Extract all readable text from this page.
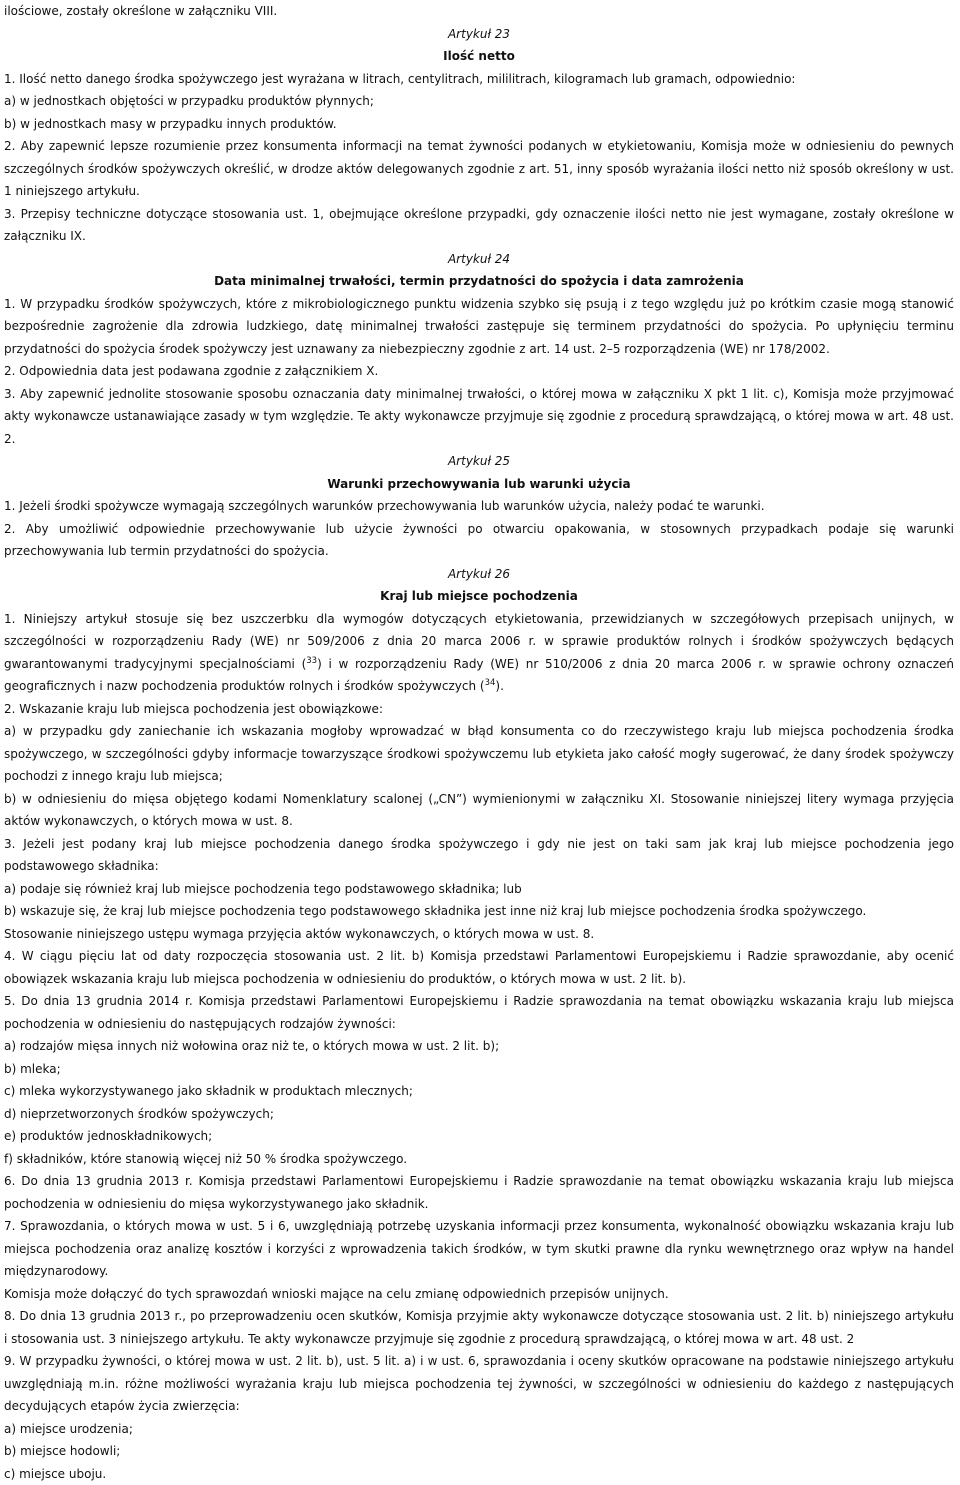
ilościowe, zostały określone w załączniku VIII.
Artykuł 23
Ilość netto
1. Ilość netto danego środka spożywczego jest wyrażana w litrach, centylitrach, mililitrach, kilogramach lub gramach, odpowiednio:
a) w jednostkach objętości w przypadku produktów płynnych;
b) w jednostkach masy w przypadku innych produktów.
2. Aby zapewnić lepsze rozumienie przez konsumenta informacji na temat żywności podanych w etykietowaniu, Komisja może w odniesieniu do pewnych szczególnych środków spożywczych określić, w drodze aktów delegowanych zgodnie z art. 51, inny sposób wyrażania ilości netto niż sposób określony w ust. 1 niniejszego artykułu.
3. Przepisy techniczne dotyczące stosowania ust. 1, obejmujące określone przypadki, gdy oznaczenie ilości netto nie jest wymagane, zostały określone w załączniku IX.
Artykuł 24
Data minimalnej trwałości, termin przydatności do spożycia i data zamrożenia
1. W przypadku środków spożywczych, które z mikrobiologicznego punktu widzenia szybko się psują i z tego względu już po krótkim czasie mogą stanowić bezpośrednie zagrożenie dla zdrowia ludzkiego, datę minimalnej trwałości zastępuje się terminem przydatności do spożycia. Po upłynięciu terminu przydatności do spożycia środek spożywczy jest uznawany za niebezpieczny zgodnie z art. 14 ust. 2–5 rozporządzenia (WE) nr 178/2002.
2. Odpowiednia data jest podawana zgodnie z załącznikiem X.
3. Aby zapewnić jednolite stosowanie sposobu oznaczania daty minimalnej trwałości, o której mowa w załączniku X pkt 1 lit. c), Komisja może przyjmować akty wykonawcze ustanawiające zasady w tym względzie. Te akty wykonawcze przyjmuje się zgodnie z procedurą sprawdzającą, o której mowa w art. 48 ust. 2.
Artykuł 25
Warunki przechowywania lub warunki użycia
1. Jeżeli środki spożywcze wymagają szczególnych warunków przechowywania lub warunków użycia, należy podać te warunki.
2. Aby umożliwić odpowiednie przechowywanie lub użycie żywności po otwarciu opakowania, w stosownych przypadkach podaje się warunki przechowywania lub termin przydatności do spożycia.
Artykuł 26
Kraj lub miejsce pochodzenia
1. Niniejszy artykuł stosuje się bez uszczerbku dla wymogów dotyczących etykietowania, przewidzianych w szczegółowych przepisach unijnych, w szczególności w rozporządzeniu Rady (WE) nr 509/2006 z dnia 20 marca 2006 r. w sprawie produktów rolnych i środków spożywczych będących gwarantowanymi tradycyjnymi specjalnościami ($^{33}$) i w rozporządzeniu Rady (WE) nr 510/2006 z dnia 20 marca 2006 r. w sprawie ochrony oznaczeń geograficznych i nazw pochodzenia produktów rolnych i środków spożywczych ($^{34}$).
2. Wskazanie kraju lub miejsca pochodzenia jest obowiązkowe:
a) w przypadku gdy zaniechanie ich wskazania mogłoby wprowadzać w błąd konsumenta co do rzeczywistego kraju lub miejsca pochodzenia środka spożywczego, w szczególności gdyby informacje towarzyszące środkowi spożywczemu lub etykieta jako całość mogły sugerować, że dany środek spożywczy pochodzi z innego kraju lub miejsca;
b) w odniesieniu do mięsa objętego kodami Nomenklatury scalonej („CN”) wymienionymi w załączniku XI. Stosowanie niniejszej litery wymaga przyjęcia aktów wykonawczych, o których mowa w ust. 8.
3. Jeżeli jest podany kraj lub miejsce pochodzenia danego środka spożywczego i gdy nie jest on taki sam jak kraj lub miejsce pochodzenia jego podstawowego składnika:
a) podaje się również kraj lub miejsce pochodzenia tego podstawowego składnika; lub
b) wskazuje się, że kraj lub miejsce pochodzenia tego podstawowego składnika jest inne niż kraj lub miejsce pochodzenia środka spożywczego.
Stosowanie niniejszego ustępu wymaga przyjęcia aktów wykonawczych, o których mowa w ust. 8.
4. W ciągu pięciu lat od daty rozpoczęcia stosowania ust. 2 lit. b) Komisja przedstawi Parlamentowi Europejskiemu i Radzie sprawozdanie, aby ocenić obowiązek wskazania kraju lub miejsca pochodzenia w odniesieniu do produktów, o których mowa w ust. 2 lit. b).
5. Do dnia 13 grudnia 2014 r. Komisja przedstawi Parlamentowi Europejskiemu i Radzie sprawozdania na temat obowiązku wskazania kraju lub miejsca pochodzenia w odniesieniu do następujących rodzajów żywności:
a) rodzajów mięsa innych niż wołowina oraz niż te, o których mowa w ust. 2 lit. b);
b) mleka;
c) mleka wykorzystywanego jako składnik w produktach mlecznych;
d) nieprzetworzonych środków spożywczych;
e) produktów jednoskładnikowych;
f) składników, które stanowią więcej niż 50 % środka spożywczego.
6. Do dnia 13 grudnia 2013 r. Komisja przedstawi Parlamentowi Europejskiemu i Radzie sprawozdanie na temat obowiązku wskazania kraju lub miejsca pochodzenia w odniesieniu do mięsa wykorzystywanego jako składnik.
7. Sprawozdania, o których mowa w ust. 5 i 6, uwzględniają potrzebę uzyskania informacji przez konsumenta, wykonalność obowiązku wskazania kraju lub miejsca pochodzenia oraz analizę kosztów i korzyści z wprowadzenia takich środków, w tym skutki prawne dla rynku wewnętrznego oraz wpływ na handel międzynarodowy.
Komisja może dołączyć do tych sprawozdań wnioski mające na celu zmianę odpowiednich przepisów unijnych.
8. Do dnia 13 grudnia 2013 r., po przeprowadzeniu ocen skutków, Komisja przyjmie akty wykonawcze dotyczące stosowania ust. 2 lit. b) niniejszego artykułu i stosowania ust. 3 niniejszego artykułu. Te akty wykonawcze przyjmuje się zgodnie z procedurą sprawdzającą, o której mowa w art. 48 ust. 2
9. W przypadku żywności, o której mowa w ust. 2 lit. b), ust. 5 lit. a) i w ust. 6, sprawozdania i oceny skutków opracowane na podstawie niniejszego artykułu uwzględniają m.in. różne możliwości wyrażania kraju lub miejsca pochodzenia tej żywności, w szczególności w odniesieniu do każdego z następujących decydujących etapów życia zwierzęcia:
a) miejsce urodzenia;
b) miejsce hodowli;
c) miejsce uboju.
